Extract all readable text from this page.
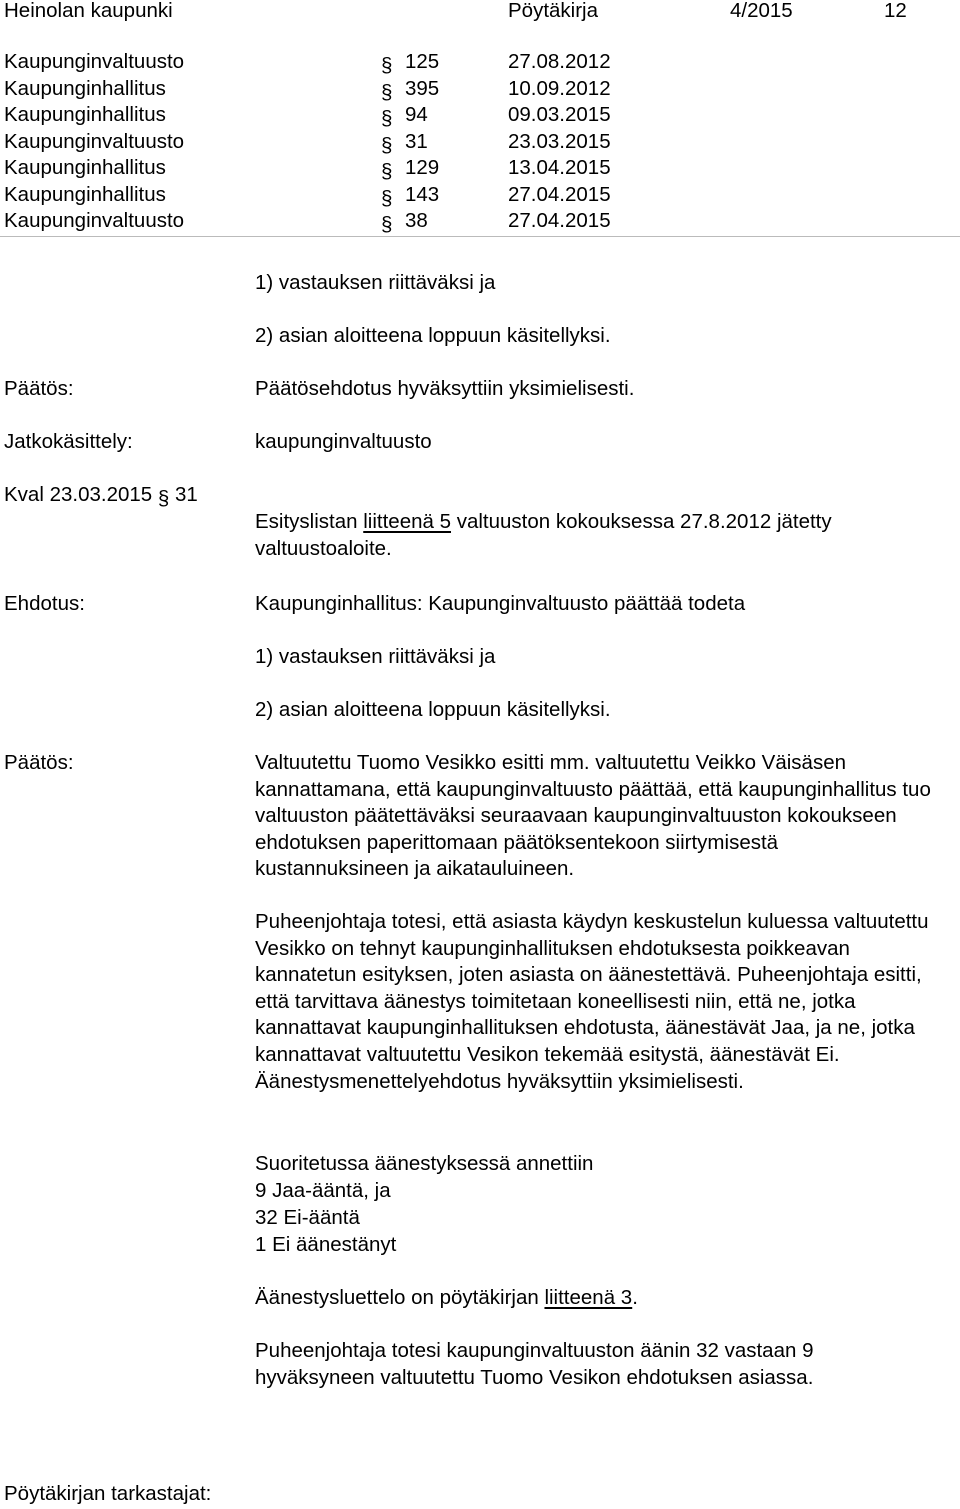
Heinolan kaupunki	Pöytäkirja	4/2015	12
Kaupunginvaltuusto	§ 125	27.08.2012
Kaupunginhallitus	§ 395	10.09.2012
Kaupunginhallitus	§ 94	09.03.2015
Kaupunginvaltuusto	§ 31	23.03.2015
Kaupunginhallitus	§ 129	13.04.2015
Kaupunginhallitus	§ 143	27.04.2015
Kaupunginvaltuusto	§ 38	27.04.2015
1) vastauksen riittäväksi ja
2) asian aloitteena loppuun käsitellyksi.
Päätös:	Päätösehdotus hyväksyttiin yksimielisesti.
Jatkokäsittely:	kaupunginvaltuusto
Kval 23.03.2015 § 31
Esityslistan liitteenä 5 valtuuston kokouksessa 27.8.2012 jätetty valtuustoaloite.
Ehdotus:	Kaupunginhallitus: Kaupunginvaltuusto päättää todeta
1) vastauksen riittäväksi ja
2) asian aloitteena loppuun käsitellyksi.
Päätös:	Valtuutettu Tuomo Vesikko esitti mm. valtuutettu Veikko Väisäsen kannattamana, että kaupunginvaltuusto päättää, että kaupunginhallitus tuo valtuuston päätettäväksi seuraavaan kaupunginvaltuuston kokoukseen ehdotuksen paperittomaan päätöksentekoon siirtymisestä kustannuksineen ja aikatauluineen.
Puheenjohtaja totesi, että asiasta käydyn keskustelun kuluessa valtuutettu Vesikko on tehnyt kaupunginhallituksen ehdotuksesta poikkeavan kannatetun esityksen, joten asiasta on äänestettävä. Puheenjohtaja esitti, että tarvittava äänestys toimitetaan koneellisesti niin, että ne, jotka kannattavat kaupunginhallituksen ehdotusta, äänestävät Jaa, ja ne, jotka kannattavat valtuutettu Vesikon tekemää esitystä, äänestävät Ei. Äänestysmenettelyehdotus hyväksyttiin yksimielisesti.
Suoritetussa äänestyksessä annettiin
9 Jaa-ääntä, ja
32 Ei-ääntä
1 Ei äänestänyt
Äänestysluettelo on pöytäkirjan liitteenä 3.
Puheenjohtaja totesi kaupunginvaltuuston äänin 32 vastaan 9 hyväksyneen valtuutettu Tuomo Vesikon ehdotuksen asiassa.
Pöytäkirjan tarkastajat:
